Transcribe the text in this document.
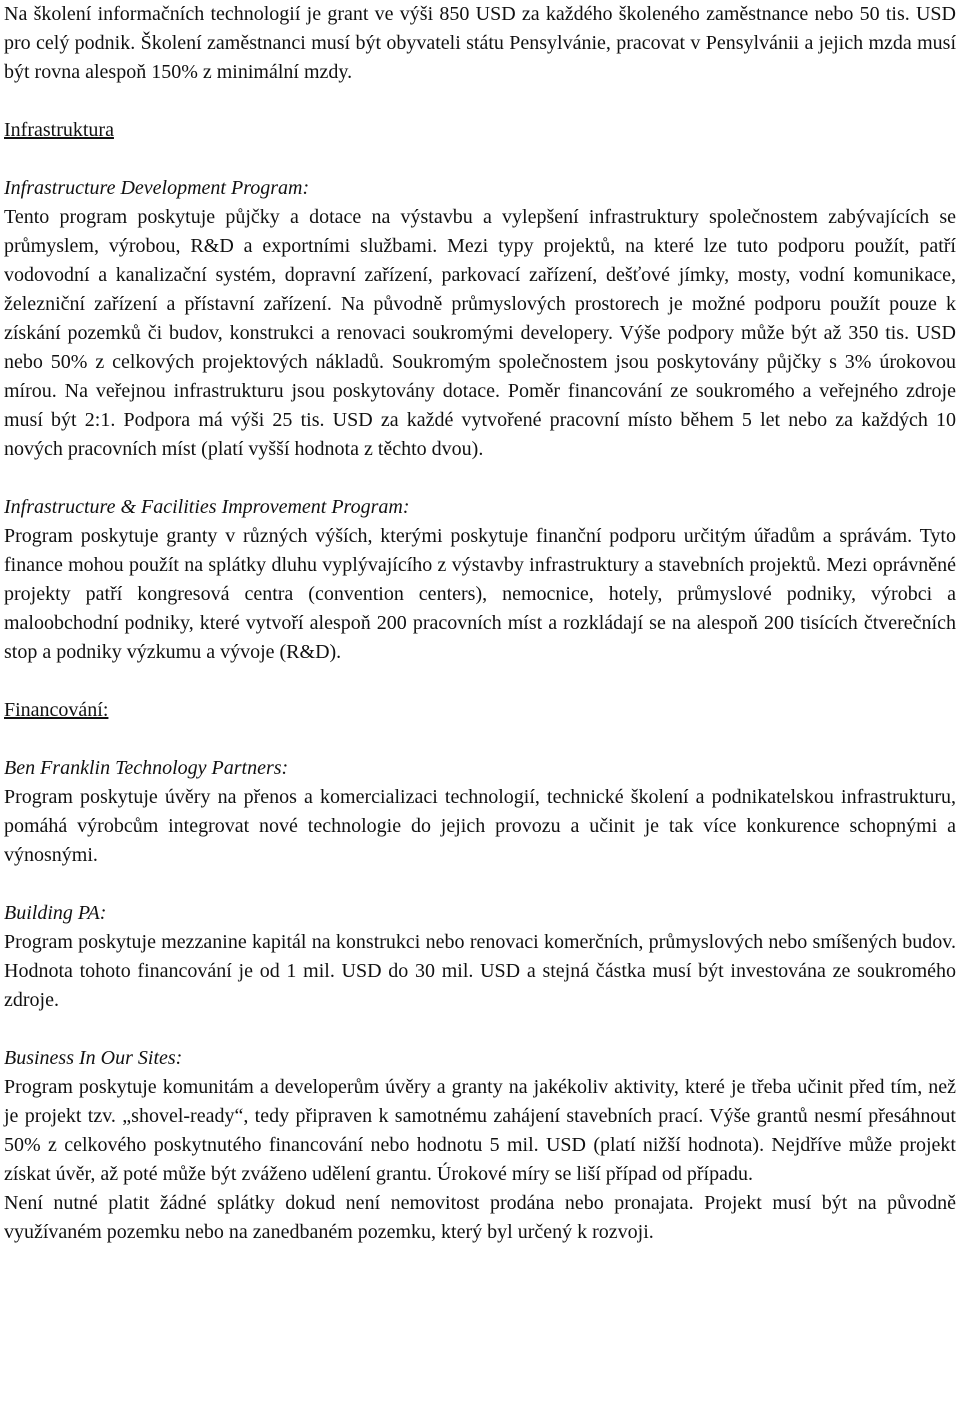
Na školení informačních technologií je grant ve výši 850 USD za každého školeného zaměstnance nebo 50 tis. USD pro celý podnik. Školení zaměstnanci musí být obyvateli státu Pensylvánie, pracovat v Pensylvánii a jejich mzda musí být rovna alespoň 150% z minimální mzdy.

Infrastruktura
Infrastructure Development Program:

Tento program poskytuje půjčky a dotace na výstavbu a vylepšení infrastruktury společnostem zabývajících se průmyslem, výrobou, R&D a exportními službami. Mezi typy projektů, na které lze tuto podporu použít, patří vodovodní a kanalizační systém, dopravní zařízení, parkovací zařízení, dešťové jímky, mosty, vodní komunikace, železniční zařízení a přístavní zařízení. Na původně průmyslových prostorech je možné podporu použít pouze k získání pozemků či budov, konstrukci a renovaci soukromými developery. Výše podpory může být až 350 tis. USD nebo 50% z celkových projektových nákladů. Soukromým společnostem jsou poskytovány půjčky s 3% úrokovou mírou. Na veřejnou infrastrukturu jsou poskytovány dotace. Poměr financování ze soukromého a veřejného zdroje musí být 2:1. Podpora má výši 25 tis. USD za každé vytvořené pracovní místo během 5 let nebo za každých 10 nových pracovních míst (platí vyšší hodnota z těchto dvou).

Infrastructure & Facilities Improvement Program:

Program poskytuje granty v různých výších, kterými poskytuje finanční podporu určitým úřadům a správám. Tyto finance mohou použít na splátky dluhu vyplývajícího z výstavby infrastruktury a stavebních projektů. Mezi oprávněné projekty patří kongresová centra (convention centers), nemocnice, hotely, průmyslové podniky, výrobci a maloobchodní podniky, které vytvoří alespoň 200 pracovních míst a rozkládají se na alespoň 200 tisících čtverečních stop a podniky výzkumu a vývoje (R&D).

Financování:
Ben Franklin Technology Partners:

Program poskytuje úvěry na přenos a komercializaci technologií, technické školení a podnikatelskou infrastrukturu, pomáhá výrobcům integrovat nové technologie do jejich provozu a učinit je tak více konkurence schopnými a výnosnými.

Building PA:

Program poskytuje mezzanine kapitál na konstrukci nebo renovaci komerčních, průmyslových nebo smíšených budov. Hodnota tohoto financování je od 1 mil. USD do 30 mil. USD a stejná částka musí být investována ze soukromého zdroje.

Business In Our Sites:

Program poskytuje komunitám a developerům úvěry a granty na jakékoliv aktivity, které je třeba učinit před tím, než je projekt tzv. „shovel-ready“, tedy připraven k samotnému zahájení stavebních prací. Výše grantů nesmí přesáhnout 50% z celkového poskytnutého financování nebo hodnotu 5 mil. USD (platí nižší hodnota). Nejdříve může projekt získat úvěr, až poté může být zváženo udělení grantu. Úrokové míry se liší případ od případu.

Není nutné platit žádné splátky dokud není nemovitost prodána nebo pronajata. Projekt musí být na původně využívaném pozemku nebo na zanedbaném pozemku, který byl určený k rozvoji.
